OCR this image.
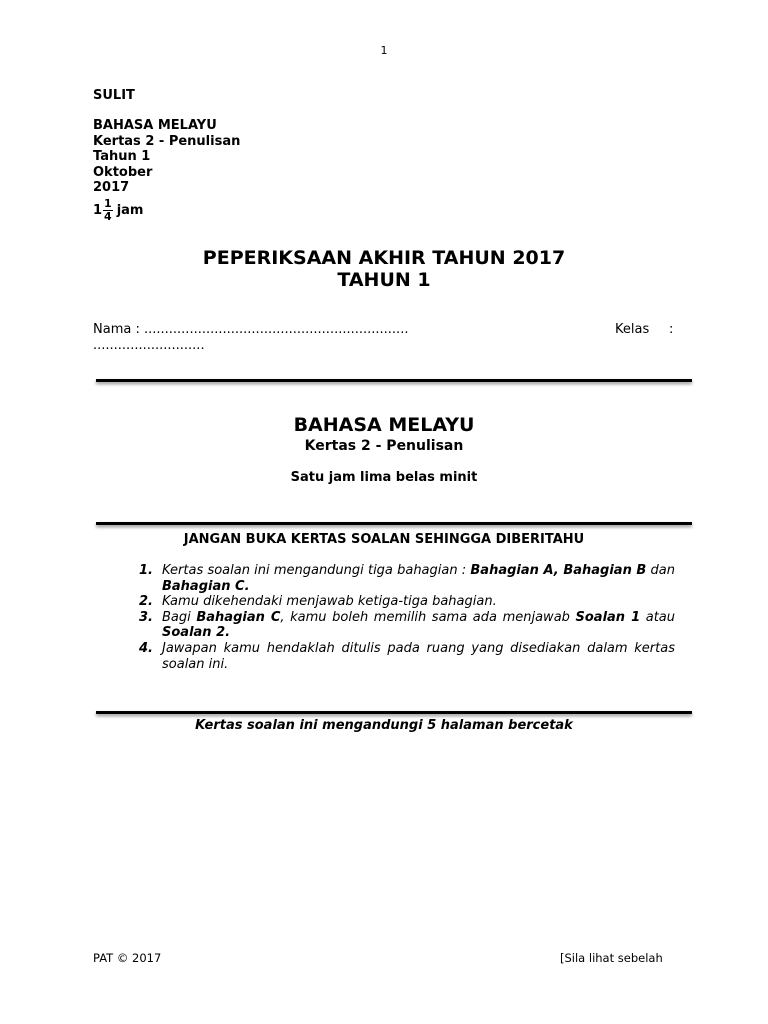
1
SULIT
BAHASA MELAYU
Kertas 2 - Penulisan
Tahun 1
Oktober
2017
$1 \frac{1}{4}$ jam
PEPERIKSAAN AKHIR TAHUN 2017
TAHUN 1
Nama : ................................................................	Kelas :
...........................
BAHASA MELAYU
Kertas 2 - Penulisan
Satu jam lima belas minit
JANGAN BUKA KERTAS SOALAN SEHINGGA DIBERITAHU
1. Kertas soalan ini mengandungi tiga bahagian : Bahagian A, Bahagian B dan Bahagian C.
2. Kamu dikehendaki menjawab ketiga-tiga bahagian.
3. Bagi Bahagian C, kamu boleh memilih sama ada menjawab Soalan 1 atau Soalan 2.
4. Jawapan kamu hendaklah ditulis pada ruang yang disediakan dalam kertas soalan ini.
Kertas soalan ini mengandungi 5 halaman bercetak
PAT © 2017	[Sila lihat sebelah
